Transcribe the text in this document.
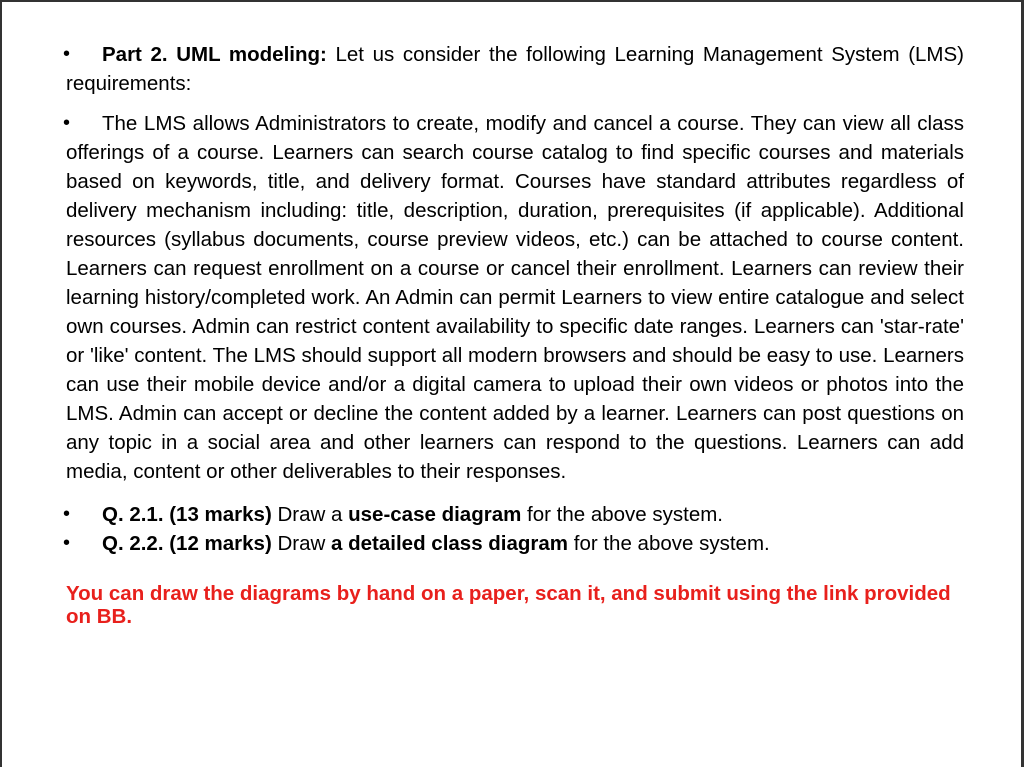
•	Part 2. UML modeling: Let us consider the following Learning Management System (LMS) requirements:
•	The LMS allows Administrators to create, modify and cancel a course. They can view all class offerings of a course. Learners can search course catalog to find specific courses and materials based on keywords, title, and delivery format. Courses have standard attributes regardless of delivery mechanism including: title, description, duration, prerequisites (if applicable). Additional resources (syllabus documents, course preview videos, etc.) can be attached to course content. Learners can request enrollment on a course or cancel their enrollment. Learners can review their learning history/completed work. An Admin can permit Learners to view entire catalogue and select own courses. Admin can restrict content availability to specific date ranges. Learners can 'star-rate' or 'like' content. The LMS should support all modern browsers and should be easy to use. Learners can use their mobile device and/or a digital camera to upload their own videos or photos into the LMS. Admin can accept or decline the content added by a learner. Learners can post questions on any topic in a social area and other learners can respond to the questions. Learners can add media, content or other deliverables to their responses.
•	Q. 2.1. (13 marks) Draw a use-case diagram for the above system.
•	Q. 2.2. (12 marks) Draw a detailed class diagram for the above system.
You can draw the diagrams by hand on a paper, scan it, and submit using the link provided on BB.
